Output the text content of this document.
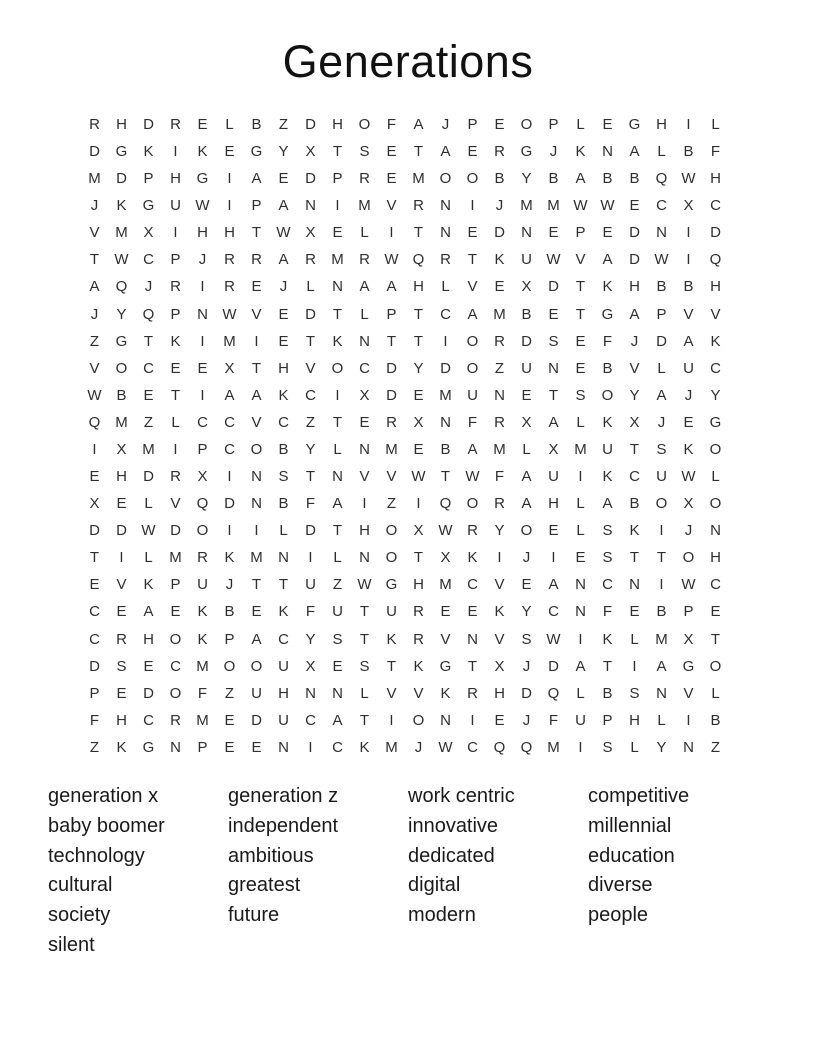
Generations
R	H	D	R	E	L	B	Z	D	H	O	F	A	J	P	E	O	P	L	E	G	H	I	L
D	G	K	I	K	E	G	Y	X	T	S	E	T	A	E	R	G	J	K	N	A	L	B	F
M	D	P	H	G	I	A	E	D	P	R	E	M O	O	B	Y	B	A	B	B	Q W H
J	K	G	U W	I	P	A	N	I	M	V	R	N	I	J	M M W W E	C	X	C
V	M	X	I	H	H	T	W X	E	L	I	T	N	E	D	N	E	P	E	D	N	I	D
T	W C	P	J	R	R	A	R	M	R W Q	R	T	K	U W V	A	D W	I	Q
A	Q	J	R	I	R	E	J	L	N	A	A	H	L	V	E	X	D	T	K	H	B	B	H
J	Y	Q	P	N W V	E	D	T	L	P	T	C	A	M	B	E	T	G	A	P	V	V
Z	G	T	K	I	M	I	E	T	K	N	T	T	I	O	R	D	S	E	F	J	D	A	K
V	O	C	E	E	X	T	H	V	O	C	D	Y	D	O	Z	U	N	E	B	V	L	U	C
W B	E	T	I	A	A	K	C	I	X	D	E	M	U	N	E	T	S	O	Y	A	J	Y
Q M	Z	L	C	C	V	C	Z	T	E	R	X	N	F	R	X	A	L	K	X	J	E	G
I	X	M	I	P	C	O	B	Y	L	N	M	E	B	A	M	L	X	M	U	T	S	K	O
E	H	D	R	X	I	N	S	T	N	V	V W	T	W	F	A	U	I	K	C	U W	L
X	E	L	V	Q	D	N	B	F	A	I	Z	I	Q	O	R	A	H	L	A	B	O	X	O
D	D W D	O	I	I	L	D	T	H	O	X W R	Y	O	E	L	S	K	I	J	N
T	I	L	M	R	K	M	N	I	L	N	O	T	X	K	I	J	I	E	S	T	T	O	H
E	V	K	P	U	J	T	T	U	Z	W G	H	M	C	V	E	A	N	C	N	I	W C
C	E	A	E	K	B	E	K	F	U	T	U	R	E	E	K	Y	C	N	F	E	B	P	E
C	R	H	O	K	P	A	C	Y	S	T	K	R	V	N	V	S W	I	K	L	M	X	T
D	S	E	C	M O	O	U	X	E	S	T	K	G	T	X	J	D	A	T	I	A	G	O
P	E	D	O	F	Z	U	H	N	N	L	V	V	K	R	H	D	Q	L	B	S	N	V	L
F	H	C	R	M	E	D	U	C	A	T	I	O	N	I	E	J	F	U	P	H	L	I	B
Z	K	G	N	P	E	E	N	I	C	K	M	J	W C	Q	Q M	I	S	L	Y	N	Z
generation x
baby boomer
technology
cultural
society
silent
generation z
independent
ambitious
greatest
future
work centric
innovative
dedicated
digital
modern
competitive
millennial
education
diverse
people
